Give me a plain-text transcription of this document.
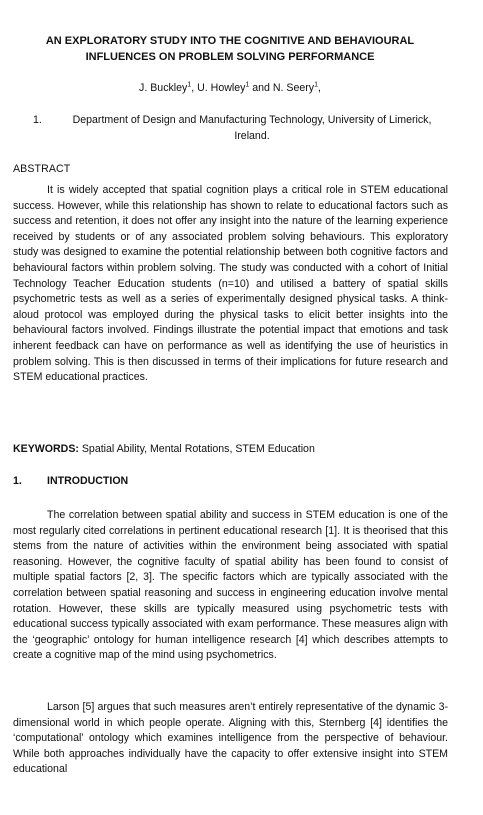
AN EXPLORATORY STUDY INTO THE COGNITIVE AND BEHAVIOURAL INFLUENCES ON PROBLEM SOLVING PERFORMANCE
J. Buckley$^1$, U. Howley$^1$ and N. Seery$^1$,
1.	Department of Design and Manufacturing Technology, University of Limerick, Ireland.
ABSTRACT

It is widely accepted that spatial cognition plays a critical role in STEM educational success. However, while this relationship has shown to relate to educational factors such as success and retention, it does not offer any insight into the nature of the learning experience received by students or of any associated problem solving behaviours. This exploratory study was designed to examine the potential relationship between both cognitive factors and behavioural factors within problem solving. The study was conducted with a cohort of Initial Technology Teacher Education students (n=10) and utilised a battery of spatial skills psychometric tests as well as a series of experimentally designed physical tasks. A think-aloud protocol was employed during the physical tasks to elicit better insights into the behavioural factors involved. Findings illustrate the potential impact that emotions and task inherent feedback can have on performance as well as identifying the use of heuristics in problem solving. This is then discussed in terms of their implications for future research and STEM educational practices.

KEYWORDS: Spatial Ability, Mental Rotations, STEM Education
1. INTRODUCTION

The correlation between spatial ability and success in STEM education is one of the most regularly cited correlations in pertinent educational research [1]. It is theorised that this stems from the nature of activities within the environment being associated with spatial reasoning. However, the cognitive faculty of spatial ability has been found to consist of multiple spatial factors [2, 3]. The specific factors which are typically associated with the correlation between spatial reasoning and success in engineering education involve mental rotation. However, these skills are typically measured using psychometric tests with educational success typically associated with exam performance. These measures align with the ‘geographic’ ontology for human intelligence research [4] which describes attempts to create a cognitive map of the mind using psychometrics.

Larson [5] argues that such measures aren’t entirely representative of the dynamic 3-dimensional world in which people operate. Aligning with this, Sternberg [4] identifies the ‘computational’ ontology which examines intelligence from the perspective of behaviour. While both approaches individually have the capacity to offer extensive insight into STEM educational
